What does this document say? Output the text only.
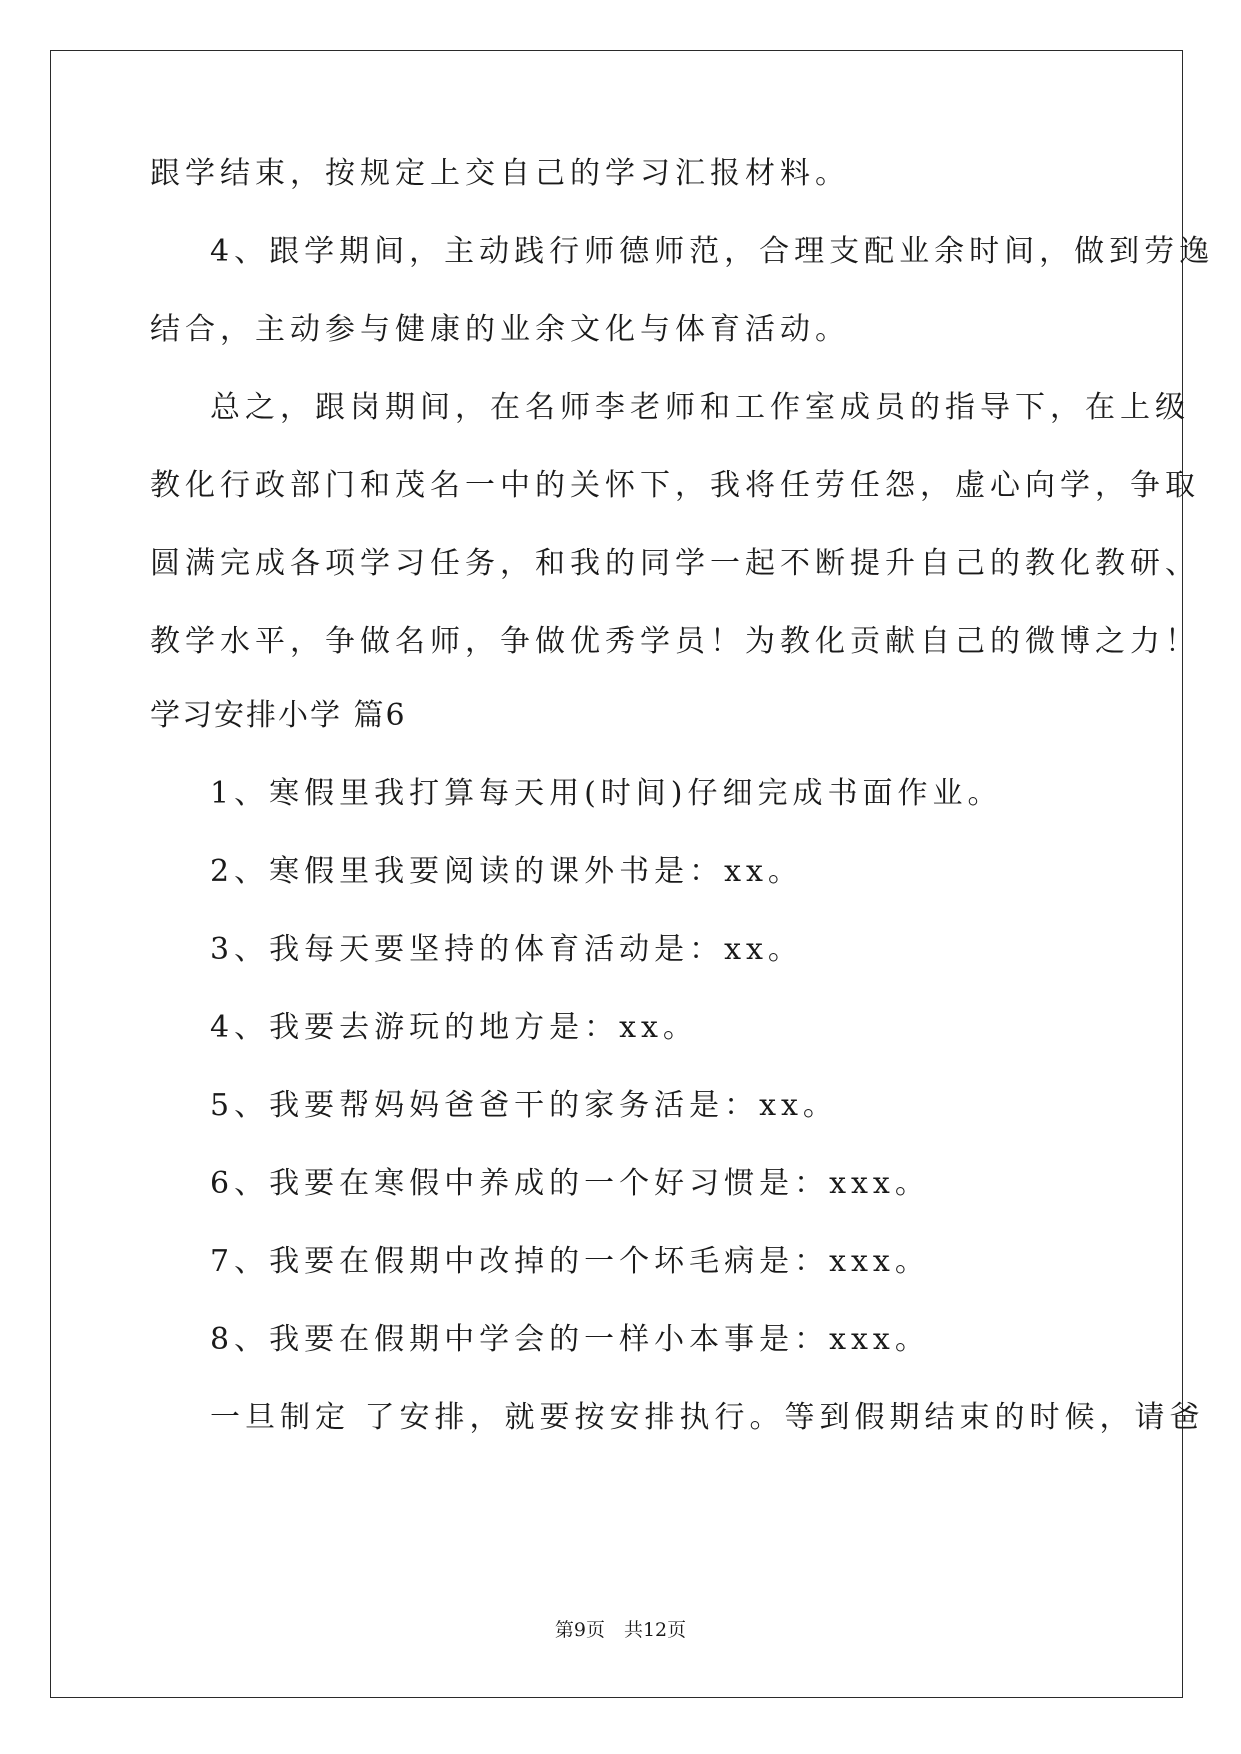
跟学结束，按规定上交自己的学习汇报材料。
4、跟学期间，主动践行师德师范，合理支配业余时间，做到劳逸
结合，主动参与健康的业余文化与体育活动。
总之，跟岗期间，在名师李老师和工作室成员的指导下，在上级
教化行政部门和茂名一中的关怀下，我将任劳任怨，虚心向学，争取
圆满完成各项学习任务，和我的同学一起不断提升自己的教化教研、
教学水平，争做名师，争做优秀学员！为教化贡献自己的微博之力！
学习安排小学 篇6
1、寒假里我打算每天用(时间)仔细完成书面作业。
2、寒假里我要阅读的课外书是：xx。
3、我每天要坚持的体育活动是：xx。
4、我要去游玩的地方是：xx。
5、我要帮妈妈爸爸干的家务活是：xx。
6、我要在寒假中养成的一个好习惯是：xxx。
7、我要在假期中改掉的一个坏毛病是：xxx。
8、我要在假期中学会的一样小本事是：xxx。
一旦制定 了安排，就要按安排执行。等到假期结束的时候，请爸
第9页　共12页
